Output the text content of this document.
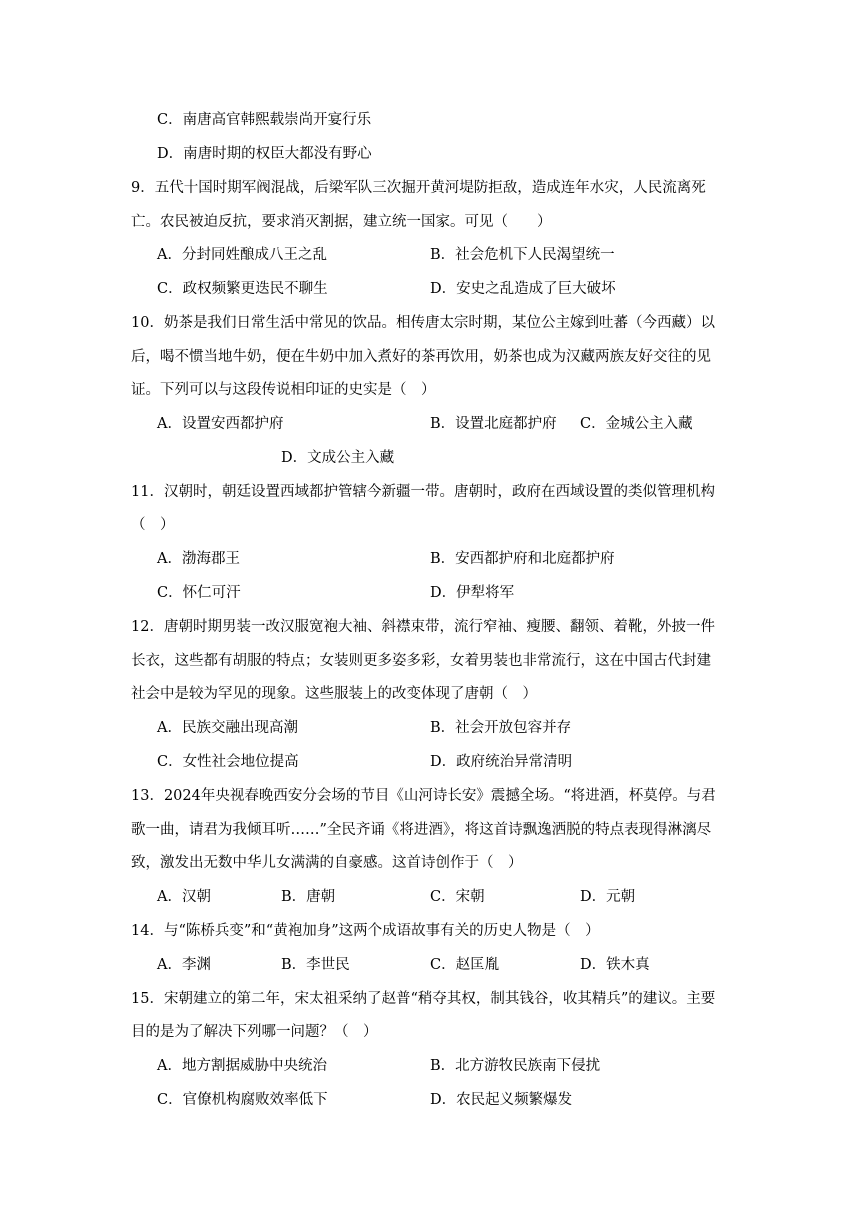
C．南唐高官韩熙载崇尚开宴行乐
D．南唐时期的权臣大都没有野心
9．五代十国时期军阀混战，后梁军队三次掘开黄河堤防拒敌，造成连年水灾，人民流离死
亡。农民被迫反抗，要求消灭割据，建立统一国家。可见（　　）
A．分封同姓酿成八王之乱	B．社会危机下人民渴望统一
C．政权频繁更迭民不聊生	D．安史之乱造成了巨大破坏
10．奶茶是我们日常生活中常见的饮品。相传唐太宗时期，某位公主嫁到吐蕃（今西藏）以
后，喝不惯当地牛奶，便在牛奶中加入煮好的茶再饮用，奶茶也成为汉藏两族友好交往的见
证。下列可以与这段传说相印证的史实是（　）
A．设置安西都护府	B．设置北庭都护府 C．金城公主入藏
D．文成公主入藏
11．汉朝时，朝廷设置西域都护管辖今新疆一带。唐朝时，政府在西域设置的类似管理机构
（　）
A．渤海郡王	B．安西都护府和北庭都护府
C．怀仁可汗	D．伊犁将军
12．唐朝时期男装一改汉服宽袍大袖、斜襟束带，流行窄袖、瘦腰、翻领、着靴，外披一件
长衣，这些都有胡服的特点；女装则更多姿多彩，女着男装也非常流行，这在中国古代封建
社会中是较为罕见的现象。这些服装上的改变体现了唐朝（　）
A．民族交融出现高潮	B．社会开放包容并存
C．女性社会地位提高	D．政府统治异常清明
13．2024年央视春晚西安分会场的节目《山河诗长安》震撼全场。“将进酒，杯莫停。与君
歌一曲，请君为我倾耳听……”全民齐诵《将进酒》，将这首诗飘逸洒脱的特点表现得淋漓尽
致，激发出无数中华儿女满满的自豪感。这首诗创作于（　）
A．汉朝	B．唐朝	C．宋朝	D．元朝
14．与“陈桥兵变”和“黄袍加身”这两个成语故事有关的历史人物是（　）
A．李渊	B．李世民	C．赵匡胤	D．铁木真
15．宋朝建立的第二年，宋太祖采纳了赵普“稍夺其权，制其钱谷，收其精兵”的建议。主要
目的是为了解决下列哪一问题？（　）
A．地方割据威胁中央统治	B．北方游牧民族南下侵扰
C．官僚机构腐败效率低下	D．农民起义频繁爆发
